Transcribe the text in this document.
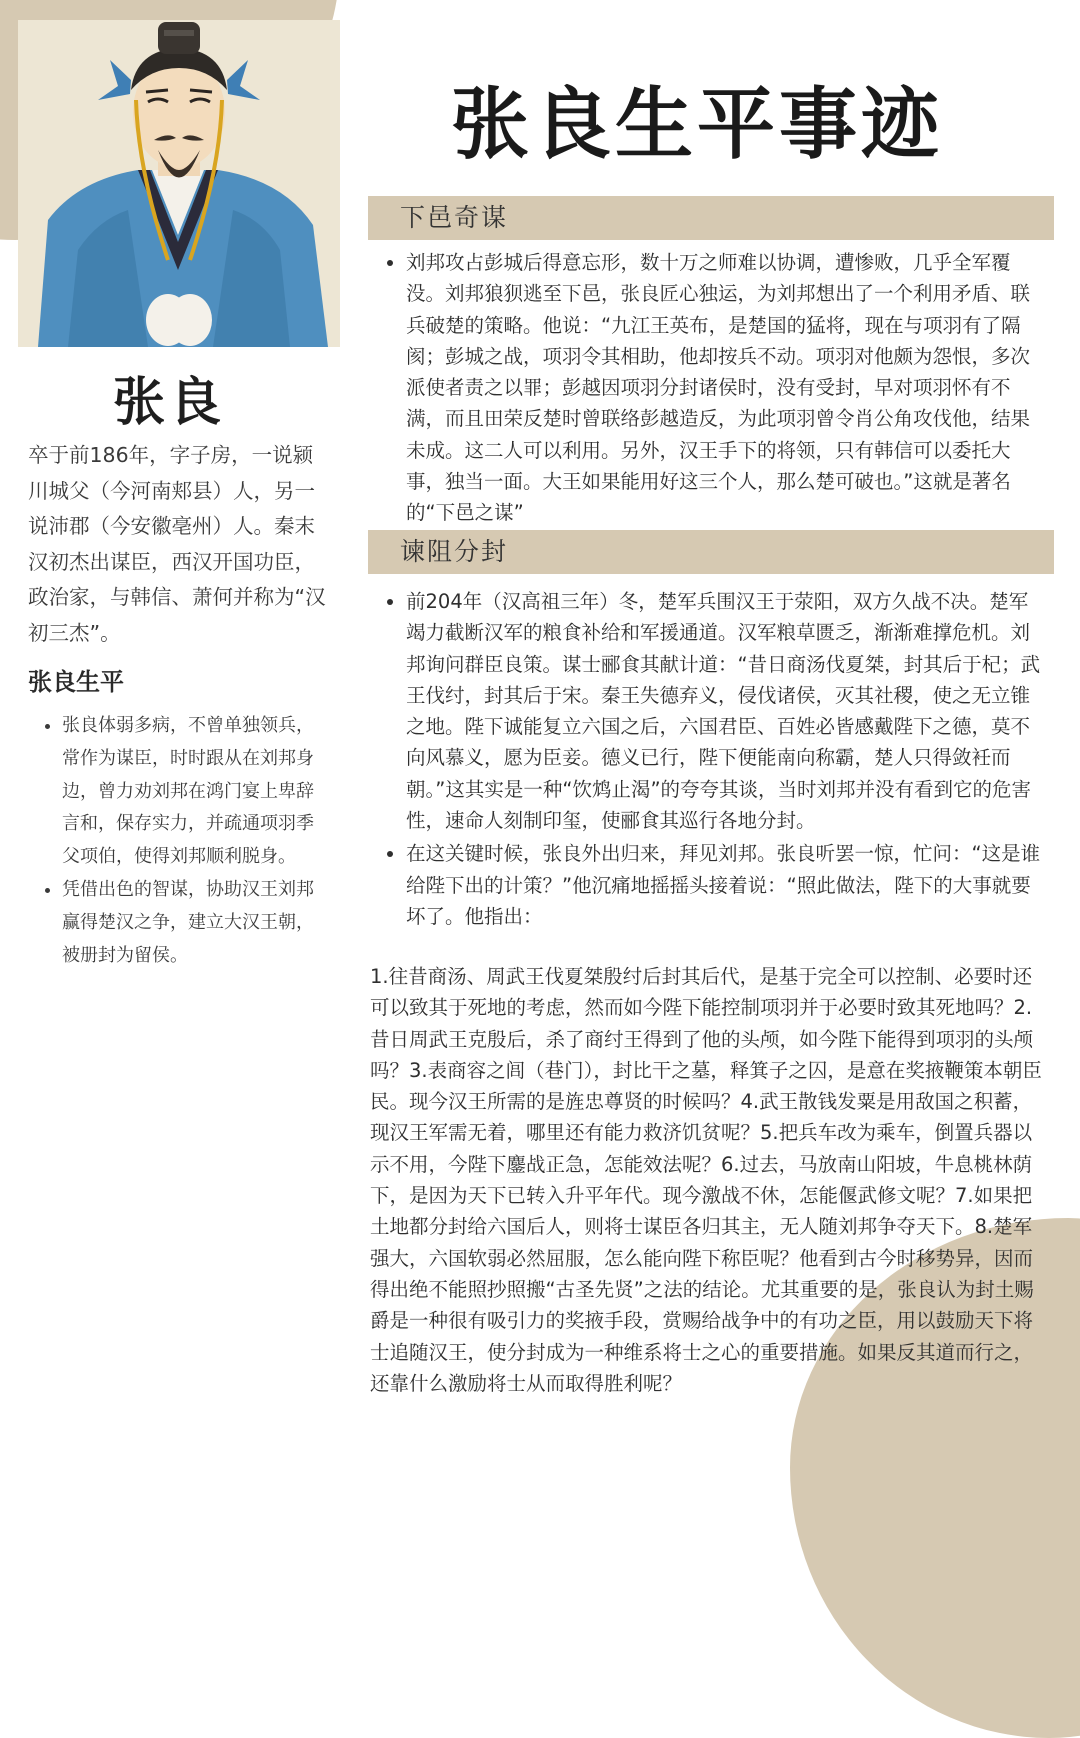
张良
卒于前186年，字子房，一说颍川城父（今河南郏县）人，另一说沛郡（今安徽亳州）人。秦末汉初杰出谋臣，西汉开国功臣，政治家，与韩信、萧何并称为“汉初三杰”。
张良生平
• 张良体弱多病，不曾单独领兵，常作为谋臣，时时跟从在刘邦身边，曾力劝刘邦在鸿门宴上卑辞言和，保存实力，并疏通项羽季父项伯，使得刘邦顺利脱身。
• 凭借出色的智谋，协助汉王刘邦赢得楚汉之争，建立大汉王朝，被册封为留侯。
张良生平事迹
下邑奇谋
• 刘邦攻占彭城后得意忘形，数十万之师难以协调，遭惨败，几乎全军覆没。刘邦狼狈逃至下邑，张良匠心独运，为刘邦想出了一个利用矛盾、联兵破楚的策略。他说：“九江王英布，是楚国的猛将，现在与项羽有了隔阂；彭城之战，项羽令其相助，他却按兵不动。项羽对他颇为怨恨，多次派使者责之以罪；彭越因项羽分封诸侯时，没有受封，早对项羽怀有不满，而且田荣反楚时曾联络彭越造反，为此项羽曾令肖公角攻伐他，结果未成。这二人可以利用。另外，汉王手下的将领，只有韩信可以委托大事，独当一面。大王如果能用好这三个人，那么楚可破也。”这就是著名的“下邑之谋”
谏阻分封
• 前204年（汉高祖三年）冬，楚军兵围汉王于荥阳，双方久战不决。楚军竭力截断汉军的粮食补给和军援通道。汉军粮草匮乏，渐渐难撑危机。刘邦询问群臣良策。谋士郦食其献计道：“昔日商汤伐夏桀，封其后于杞；武王伐纣，封其后于宋。秦王失德弃义，侵伐诸侯，灭其社稷，使之无立锥之地。陛下诚能复立六国之后，六国君臣、百姓必皆感戴陛下之德，莫不向风慕义，愿为臣妾。德义已行，陛下便能南向称霸，楚人只得敛衽而朝。”这其实是一种“饮鸩止渴”的夸夸其谈，当时刘邦并没有看到它的危害性，速命人刻制印玺，使郦食其巡行各地分封。
• 在这关键时候，张良外出归来，拜见刘邦。张良听罢一惊，忙问：“这是谁给陛下出的计策？”他沉痛地摇摇头接着说：“照此做法，陛下的大事就要坏了。他指出：

1.往昔商汤、周武王伐夏桀殷纣后封其后代，是基于完全可以控制、必要时还可以致其于死地的考虑，然而如今陛下能控制项羽并于必要时致其死地吗？2.昔日周武王克殷后，杀了商纣王得到了他的头颅，如今陛下能得到项羽的头颅吗？3.表商容之闾（巷门），封比干之墓，释箕子之囚，是意在奖掖鞭策本朝臣民。现今汉王所需的是旌忠尊贤的时候吗？4.武王散钱发粟是用敌国之积蓄，现汉王军需无着，哪里还有能力救济饥贫呢？5.把兵车改为乘车，倒置兵器以示不用，今陛下鏖战正急，怎能效法呢？6.过去，马放南山阳坡，牛息桃林荫下，是因为天下已转入升平年代。现今激战不休，怎能偃武修文呢？7.如果把土地都分封给六国后人，则将士谋臣各归其主，无人随刘邦争夺天下。8.楚军强大，六国软弱必然屈服，怎么能向陛下称臣呢？他看到古今时移势异，因而得出绝不能照抄照搬“古圣先贤”之法的结论。尤其重要的是，张良认为封土赐爵是一种很有吸引力的奖掖手段，赏赐给战争中的有功之臣，用以鼓励天下将士追随汉王，使分封成为一种维系将士之心的重要措施。如果反其道而行之，还靠什么激励将士从而取得胜利呢？
